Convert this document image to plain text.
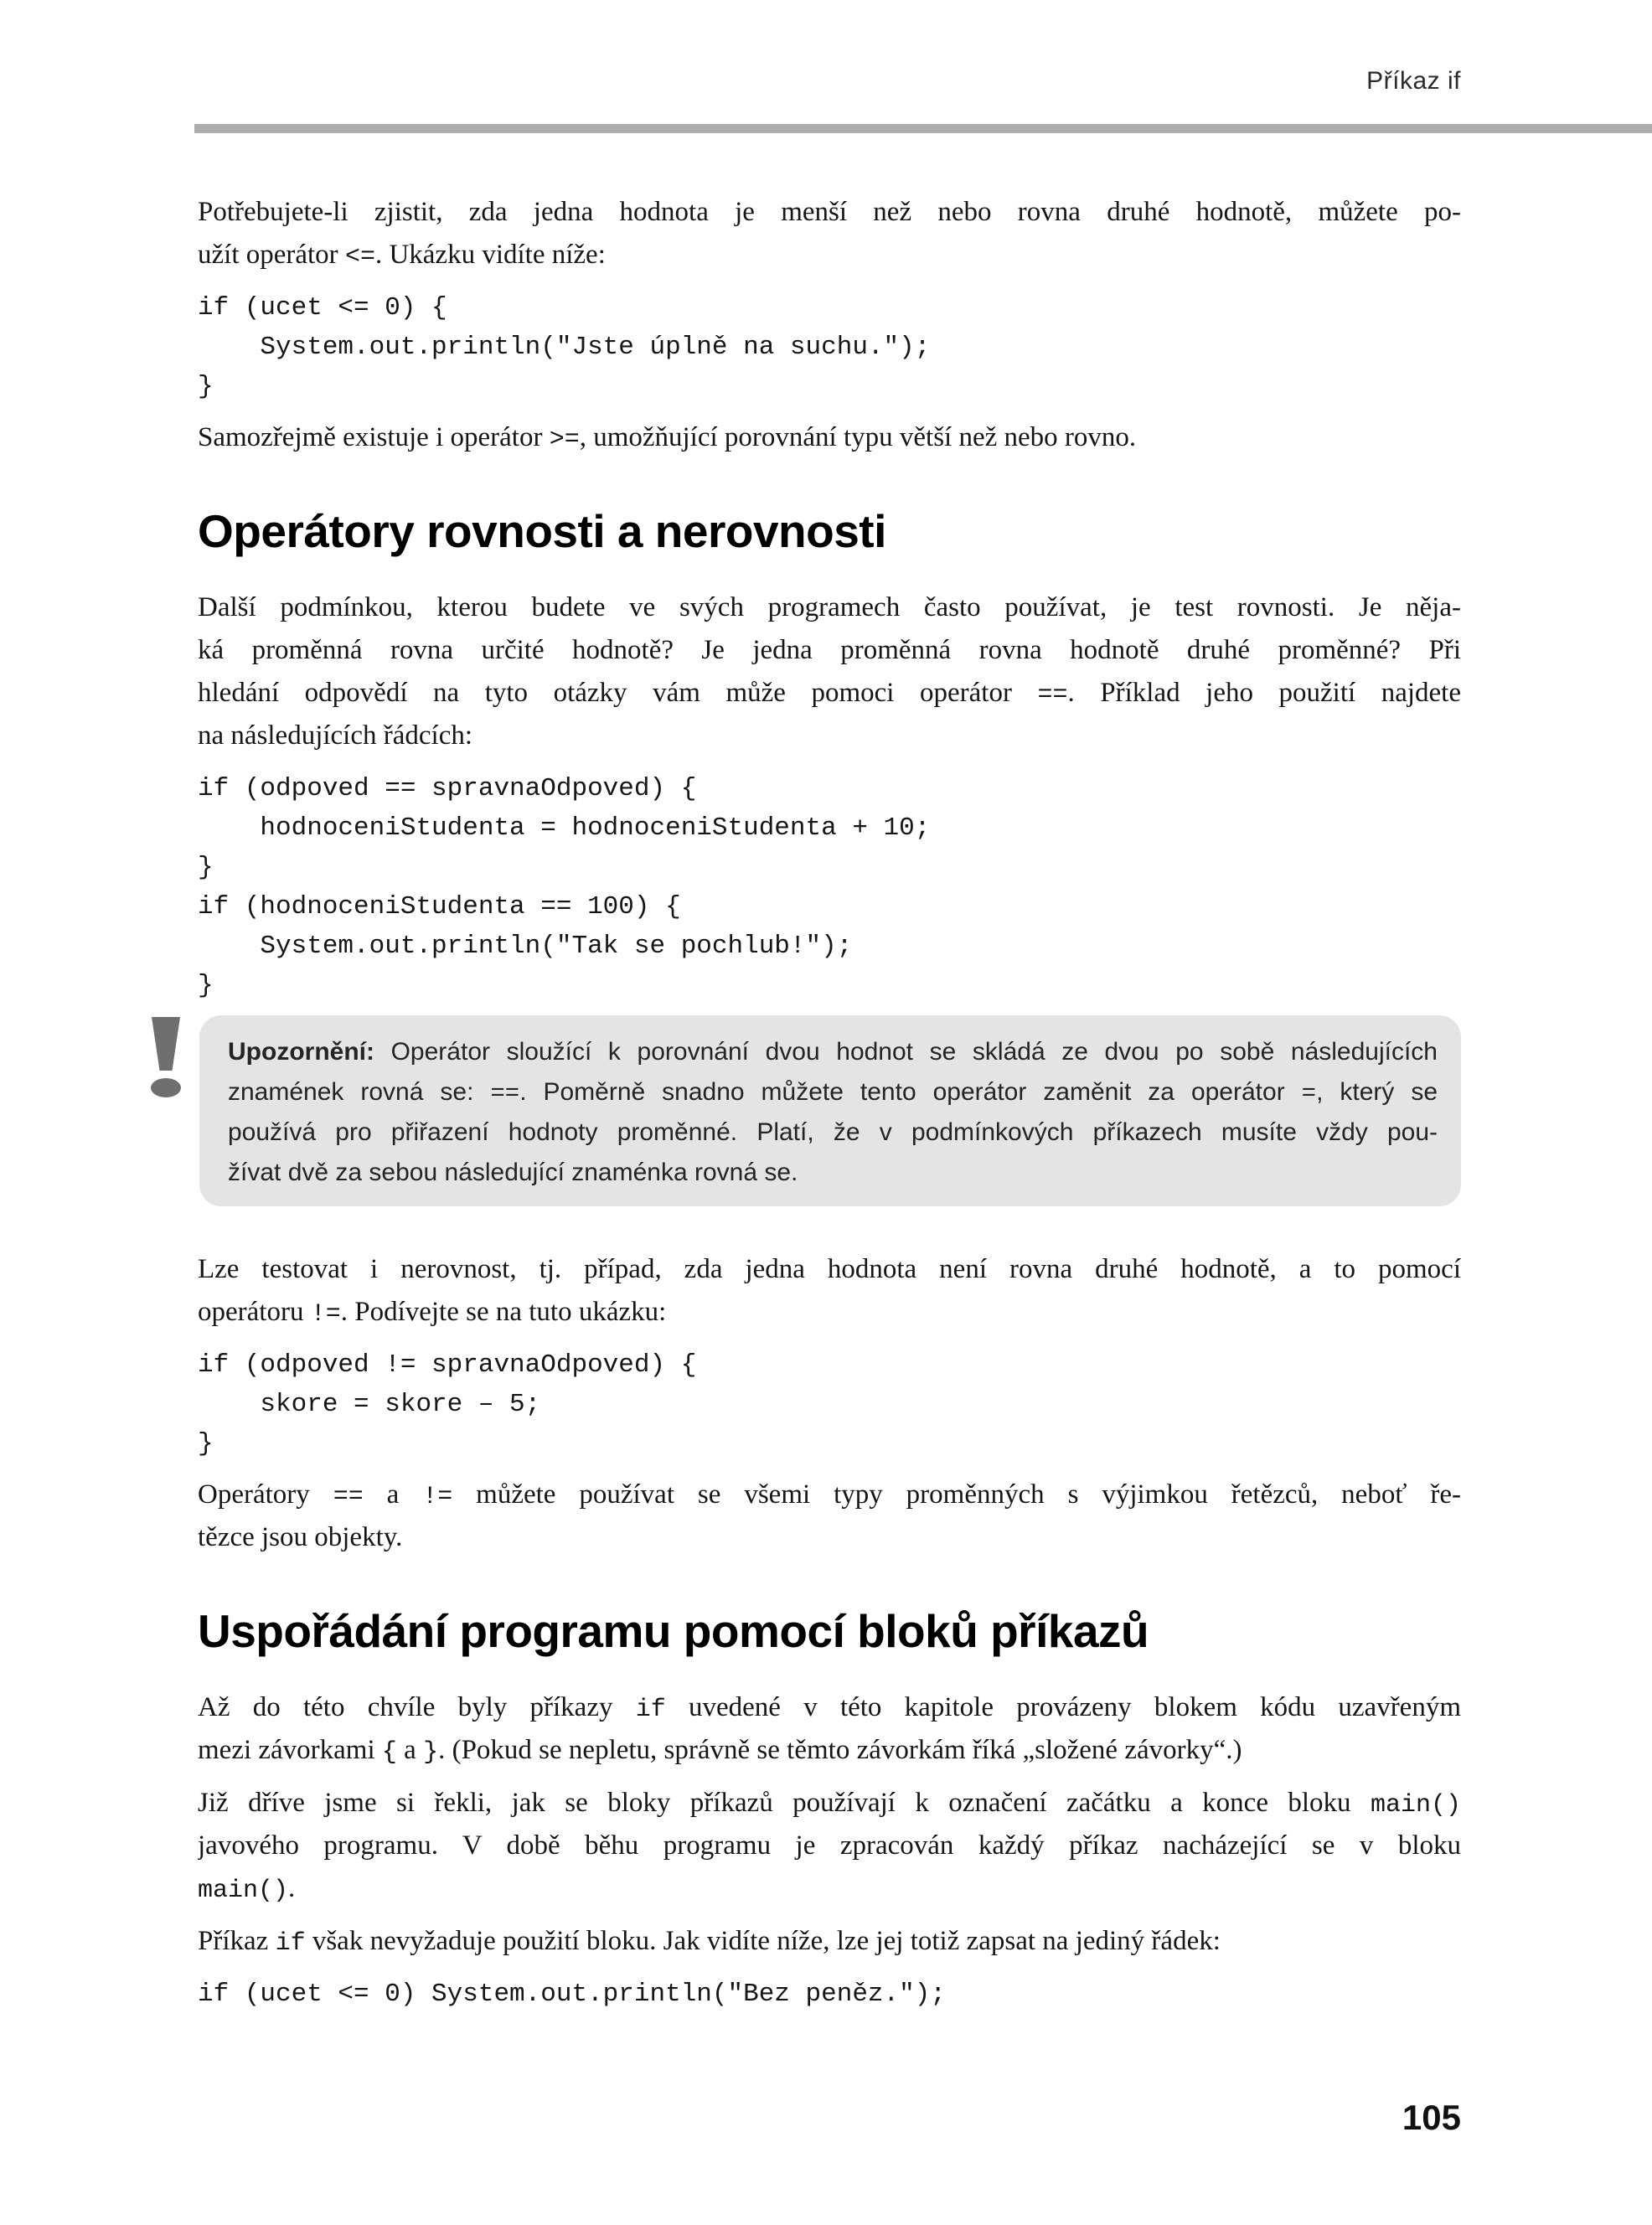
Příkaz if
Potřebujete-li zjistit, zda jedna hodnota je menší než nebo rovna druhé hodnotě, můžete po-
užít operátor <=. Ukázku vidíte níže:
if (ucet <= 0) {
System.out.println("Jste úplně na suchu.");
}
Samozřejmě existuje i operátor >=, umožňující porovnání typu větší než nebo rovno.
Operátory rovnosti a nerovnosti
Další podmínkou, kterou budete ve svých programech často používat, je test rovnosti. Je něja-
ká proměnná rovna určité hodnotě? Je jedna proměnná rovna hodnotě druhé proměnné? Při
hledání odpovědí na tyto otázky vám může pomoci operátor ==. Příklad jeho použití najdete
na následujících řádcích:
if (odpoved == spravnaOdpoved) {
hodnoceniStudenta = hodnoceniStudenta + 10;
}
if (hodnoceniStudenta == 100) {
System.out.println("Tak se pochlub!");
}
Upozornění: Operátor sloužící k porovnání dvou hodnot se skládá ze dvou po sobě následujících
znamének rovná se: ==. Poměrně snadno můžete tento operátor zaměnit za operátor =, který se
používá pro přiřazení hodnoty proměnné. Platí, že v podmínkových příkazech musíte vždy pou-
žívat dvě za sebou následující znaménka rovná se.
Lze testovat i nerovnost, tj. případ, zda jedna hodnota není rovna druhé hodnotě, a to pomocí
operátoru !=. Podívejte se na tuto ukázku:
if (odpoved != spravnaOdpoved) {
skore = skore – 5;
}
Operátory == a != můžete používat se všemi typy proměnných s výjimkou řetězců, neboť ře-
tězce jsou objekty.
Uspořádání programu pomocí bloků příkazů
Až do této chvíle byly příkazy if uvedené v této kapitole provázeny blokem kódu uzavřeným
mezi závorkami { a }. (Pokud se nepletu, správně se těmto závorkám říká „složené závorky“.)
Již dříve jsme si řekli, jak se bloky příkazů používají k označení začátku a konce bloku main()
javového programu. V době běhu programu je zpracován každý příkaz nacházející se v bloku
main().
Příkaz if však nevyžaduje použití bloku. Jak vidíte níže, lze jej totiž zapsat na jediný řádek:
if (ucet <= 0) System.out.println("Bez peněz.");
105
